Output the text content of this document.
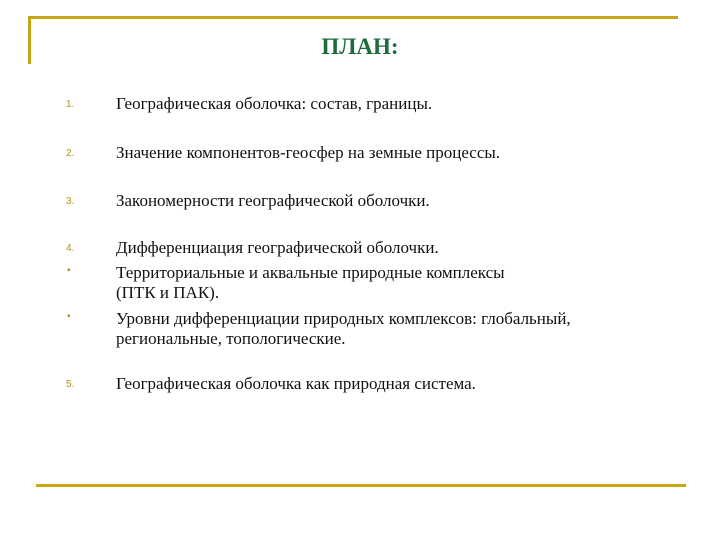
ПЛАН:
1. Географическая оболочка: состав, границы.
2. Значение компонентов-геосфер на земные процессы.
3. Закономерности географической оболочки.
4. Дифференциация географической оболочки.
▪	Территориальные и аквальные природные комплексы
(ПТК и ПАК).
▪	Уровни дифференциации природных комплексов: глобальный,
региональные, топологические.
5. Географическая оболочка как природная система.
